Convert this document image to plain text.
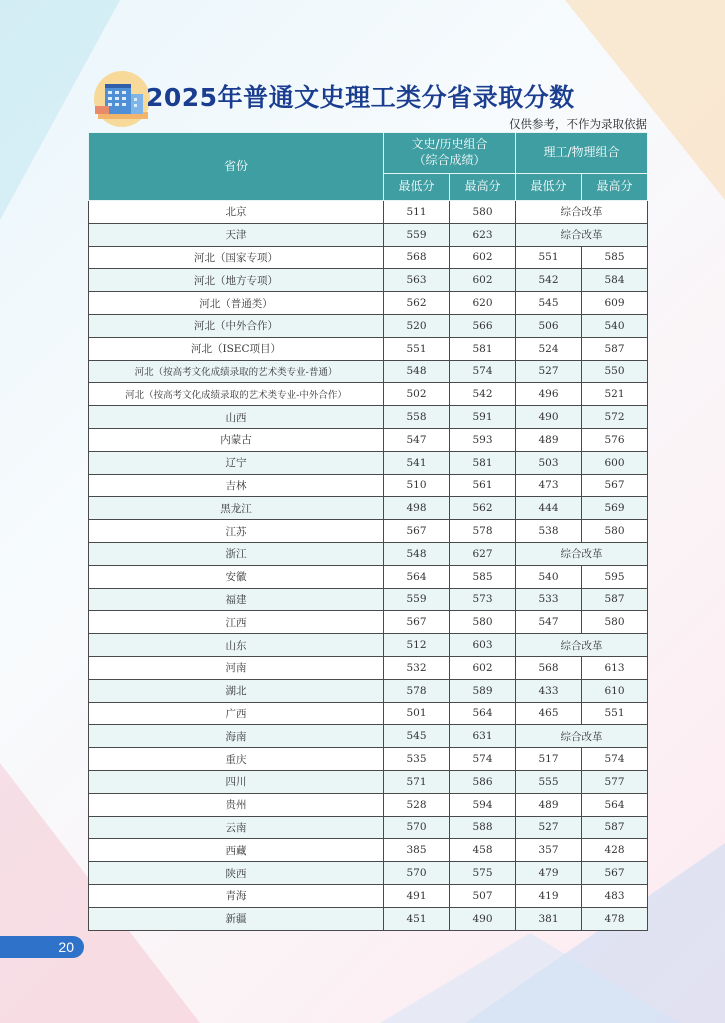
2025年普通文史理工类分省录取分数
仅供参考，不作为录取依据
省份	文史/历史组合
（综合成绩）		理工/物理组合	
	最低分	最高分	最低分	最高分
北京	511	580	综合改革	
天津	559	623	综合改革	
河北（国家专项）	568	602	551	585
河北（地方专项）	563	602	542	584
河北（普通类）	562	620	545	609
河北（中外合作）	520	566	506	540
河北（ISEC项目）	551	581	524	587
河北（按高考文化成绩录取的艺术类专业-普通）	548	574	527	550
河北（按高考文化成绩录取的艺术类专业-中外合作）	502	542	496	521
山西	558	591	490	572
内蒙古	547	593	489	576
辽宁	541	581	503	600
吉林	510	561	473	567
黑龙江	498	562	444	569
江苏	567	578	538	580
浙江	548	627	综合改革	
安徽	564	585	540	595
福建	559	573	533	587
江西	567	580	547	580
山东	512	603	综合改革	
河南	532	602	568	613
湖北	578	589	433	610
广西	501	564	465	551
海南	545	631	综合改革	
重庆	535	574	517	574
四川	571	586	555	577
贵州	528	594	489	564
云南	570	588	527	587
西藏	385	458	357	428
陕西	570	575	479	567
青海	491	507	419	483
新疆	451	490	381	478
20
